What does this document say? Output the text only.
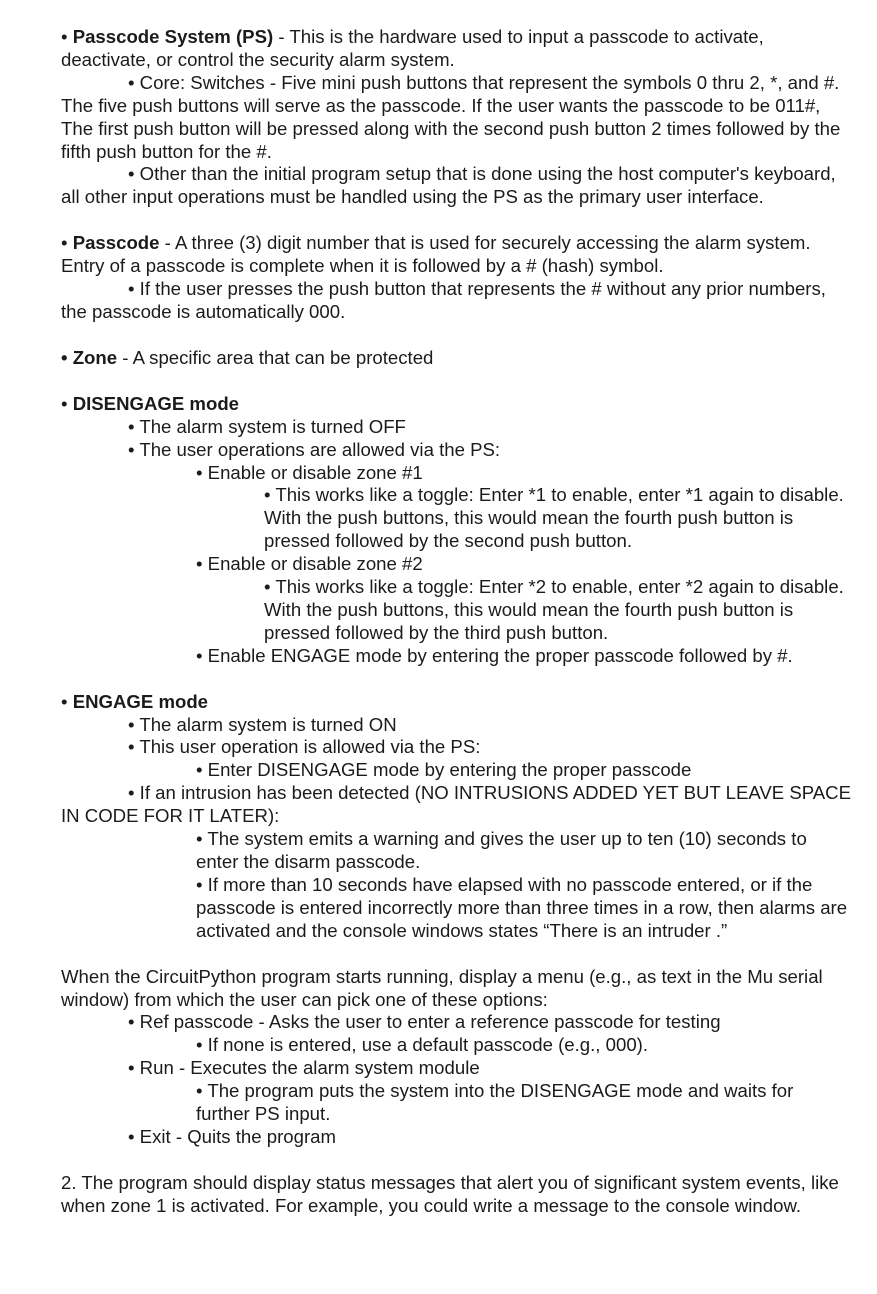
• Passcode System (PS) - This is the hardware used to input a passcode to activate, deactivate, or control the security alarm system.

• Core: Switches - Five mini push buttons that represent the symbols 0 thru 2, *, and #. The five push buttons will serve as the passcode. If the user wants the passcode to be 011#, The first push button will be pressed along with the second push button 2 times followed by the fifth push button for the #.

• Other than the initial program setup that is done using the host computer's keyboard, all other input operations must be handled using the PS as the primary user interface.

• Passcode - A three (3) digit number that is used for securely accessing the alarm system. Entry of a passcode is complete when it is followed by a # (hash) symbol.

• If the user presses the push button that represents the # without any prior numbers, the passcode is automatically 000.

• Zone - A specific area that can be protected

• DISENGAGE mode

• The alarm system is turned OFF

• The user operations are allowed via the PS:

• Enable or disable zone #1

• This works like a toggle: Enter *1 to enable, enter *1 again to disable. With the push buttons, this would mean the fourth push button is pressed followed by the second push button.

• Enable or disable zone #2

• This works like a toggle: Enter *2 to enable, enter *2 again to disable. With the push buttons, this would mean the fourth push button is pressed followed by the third push button.

• Enable ENGAGE mode by entering the proper passcode followed by #.

• ENGAGE mode

• The alarm system is turned ON

• This user operation is allowed via the PS:

• Enter DISENGAGE mode by entering the proper passcode

• If an intrusion has been detected (NO INTRUSIONS ADDED YET BUT LEAVE SPACE IN CODE FOR IT LATER):

• The system emits a warning and gives the user up to ten (10) seconds to enter the disarm passcode.

• If more than 10 seconds have elapsed with no passcode entered, or if the passcode is entered incorrectly more than three times in a row, then alarms are activated and the console windows states “There is an intruder .”

When the CircuitPython program starts running, display a menu (e.g., as text in the Mu serial window) from which the user can pick one of these options:

• Ref passcode - Asks the user to enter a reference passcode for testing

• If none is entered, use a default passcode (e.g., 000).

• Run - Executes the alarm system module

• The program puts the system into the DISENGAGE mode and waits for further PS input.

• Exit - Quits the program

2. The program should display status messages that alert you of significant system events, like when zone 1 is activated. For example, you could write a message to the console window.
